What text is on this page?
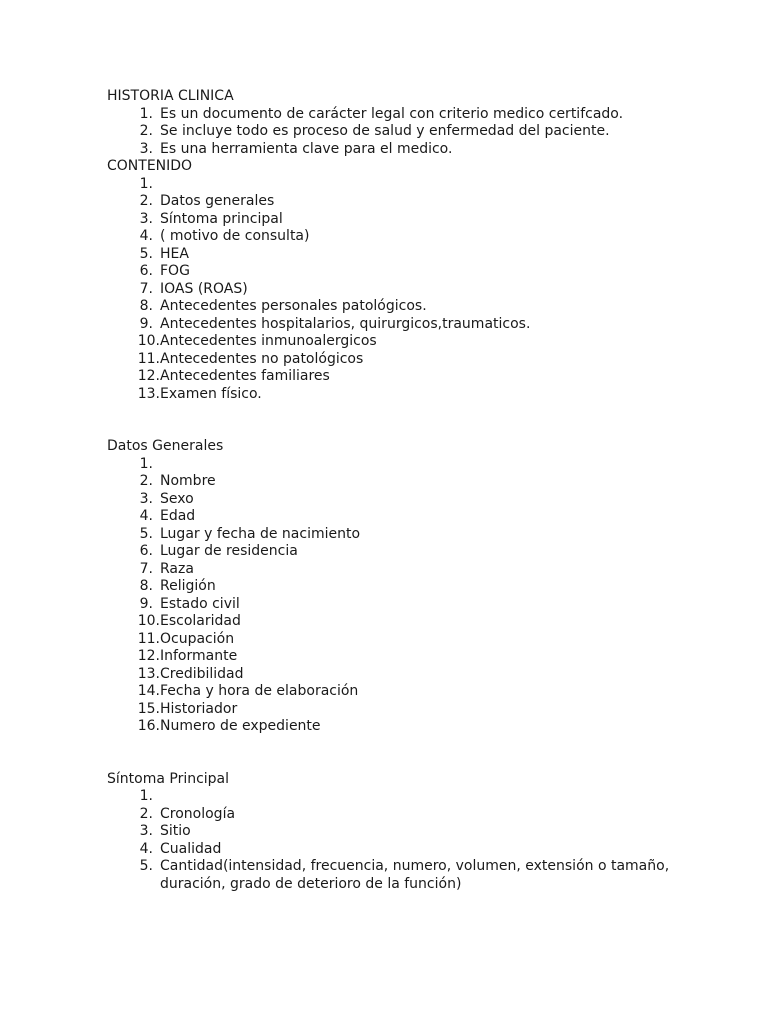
HISTORIA CLINICA
1. Es un documento de carácter legal con criterio medico certifcado.
2. Se incluye todo es proceso de salud y enfermedad del paciente.
3. Es una herramienta clave para el medico.
CONTENIDO
1.
2. Datos generales
3. Síntoma principal
4. ( motivo de consulta)
5. HEA
6. FOG
7. IOAS (ROAS)
8. Antecedentes personales patológicos.
9. Antecedentes hospitalarios, quirurgicos,traumaticos.
10. Antecedentes inmunoalergicos
11. Antecedentes no patológicos
12. Antecedentes familiares
13. Examen físico.
Datos Generales
1.
2. Nombre
3. Sexo
4. Edad
5. Lugar y fecha de nacimiento
6. Lugar de residencia
7. Raza
8. Religión
9. Estado civil
10. Escolaridad
11. Ocupación
12. Informante
13. Credibilidad
14. Fecha y hora de elaboración
15. Historiador
16. Numero de expediente
Síntoma Principal
1.
2. Cronología
3. Sitio
4. Cualidad
5. Cantidad(intensidad, frecuencia, numero, volumen, extensión o tamaño, duración, grado de deterioro de la función)
